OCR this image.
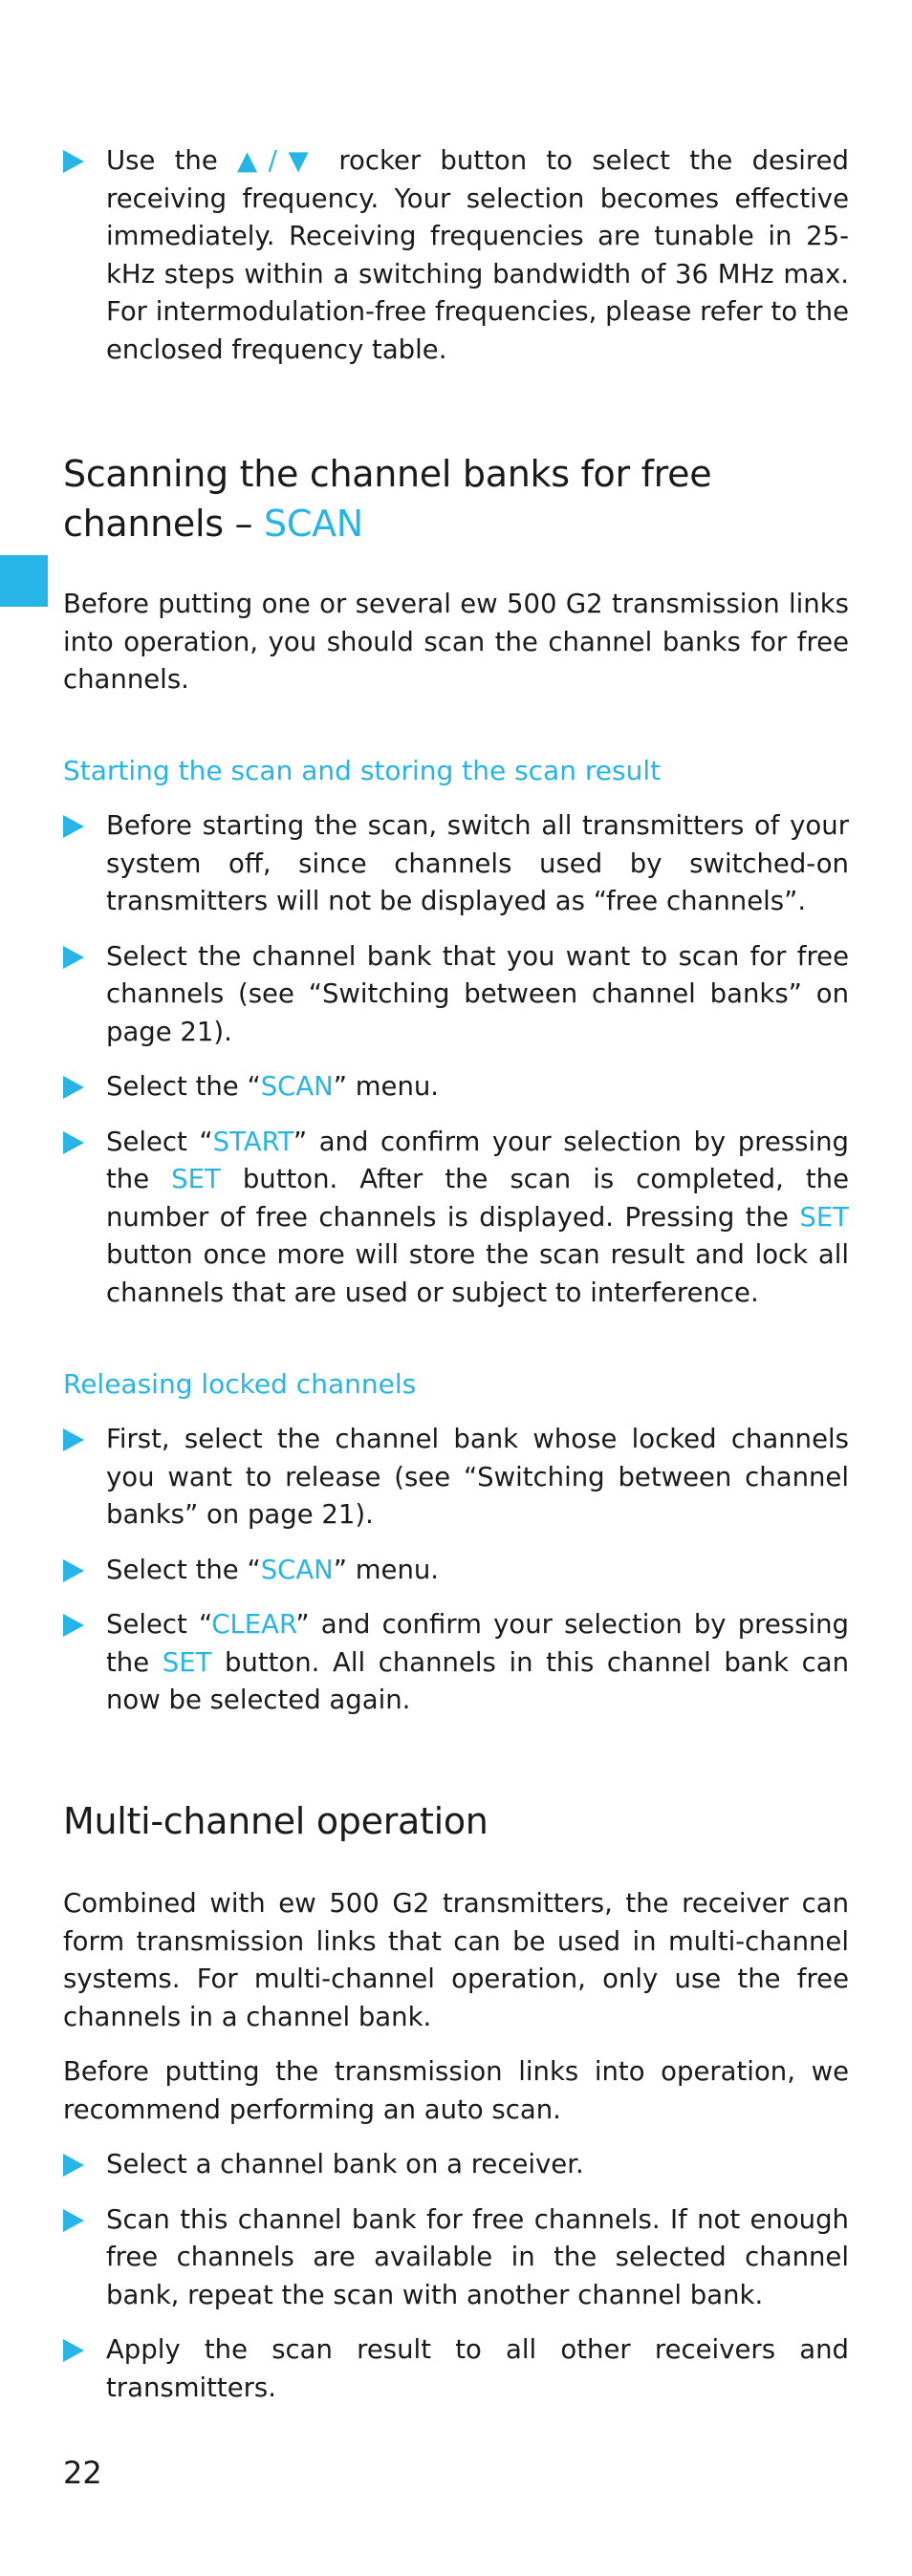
Use the ▲/▼ rocker button to select the desired receiving frequency. Your selection becomes effective immediately. Receiving frequencies are tunable in 25-kHz steps within a switching bandwidth of 36 MHz max. For intermodulation-free frequencies, please refer to the enclosed frequency table.

Scanning the channel banks for free channels – SCAN

Before putting one or several ew 500 G2 transmission links into operation, you should scan the channel banks for free channels.

Starting the scan and storing the scan result

Before starting the scan, switch all transmitters of your system off, since channels used by switched-on transmitters will not be displayed as “free channels”.

Select the channel bank that you want to scan for free channels (see “Switching between channel banks” on page 21).

Select the “SCAN” menu.

Select “START” and confirm your selection by pressing the SET button. After the scan is completed, the number of free channels is displayed. Pressing the SET button once more will store the scan result and lock all channels that are used or subject to interference.

Releasing locked channels

First, select the channel bank whose locked channels you want to release (see “Switching between channel banks” on page 21).

Select the “SCAN” menu.

Select “CLEAR” and confirm your selection by pressing the SET button. All channels in this channel bank can now be selected again.

Multi-channel operation

Combined with ew 500 G2 transmitters, the receiver can form transmission links that can be used in multi-channel systems. For multi-channel operation, only use the free channels in a channel bank.

Before putting the transmission links into operation, we recommend performing an auto scan.

Select a channel bank on a receiver.

Scan this channel bank for free channels. If not enough free channels are available in the selected channel bank, repeat the scan with another channel bank.

Apply the scan result to all other receivers and transmitters.

22
